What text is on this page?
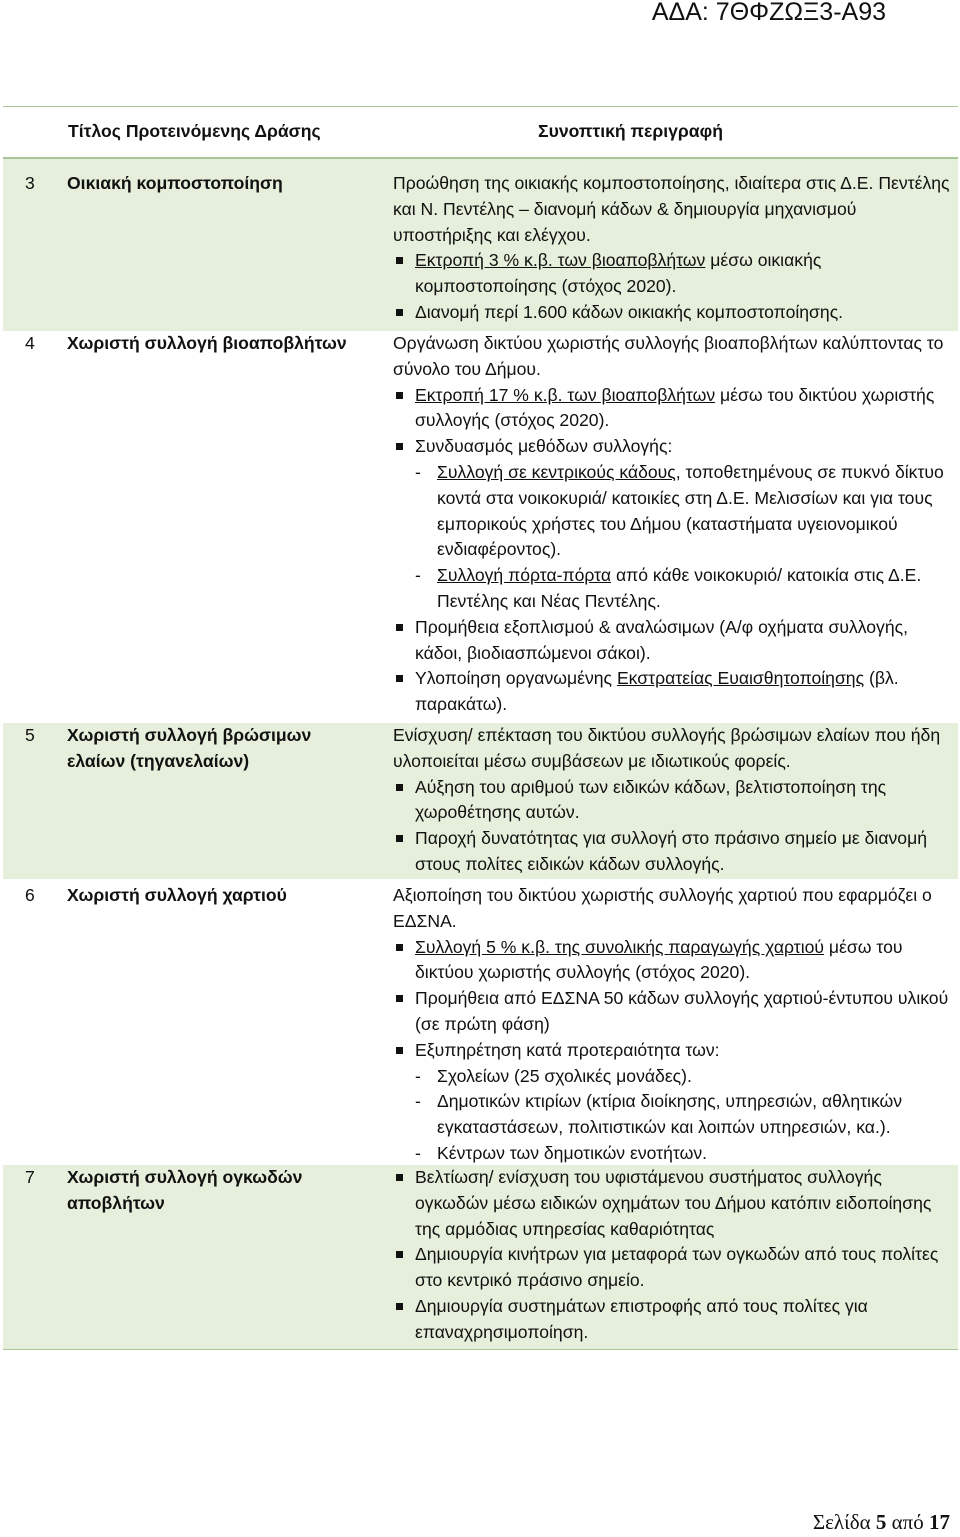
ΑΔΑ: 7ΘΦΖΩΞ3-Α93
Τίτλος Προτεινόμενης Δράσης	Συνοπτική περιγραφή
3	Οικιακή κομποστοποίηση	Προώθηση της οικιακής κομποστοποίησης, ιδιαίτερα στις Δ.Ε. Πεντέλης και Ν. Πεντέλης – διανομή κάδων & δημιουργία μηχανισμού υποστήριξης και ελέγχου.

Εκτροπή 3 % κ.β. των βιοαποβλήτων μέσω οικιακής κομποστοποίησης (στόχος 2020).

Διανομή περί 1.600 κάδων οικιακής κομποστοποίησης.

4	Χωριστή συλλογή βιοαποβλήτων	Οργάνωση δικτύου χωριστής συλλογής βιοαποβλήτων καλύπτοντας το σύνολο του Δήμου.

Εκτροπή 17 % κ.β. των βιοαποβλήτων μέσω του δικτύου χωριστής συλλογής (στόχος 2020).

Συνδυασμός μεθόδων συλλογής:

- Συλλογή σε κεντρικούς κάδους, τοποθετημένους σε πυκνό δίκτυο κοντά στα νοικοκυριά/ κατοικίες στη Δ.Ε. Μελισσίων και για τους εμπορικούς χρήστες του Δήμου (καταστήματα υγειονομικού ενδιαφέροντος).

- Συλλογή πόρτα-πόρτα από κάθε νοικοκυριό/ κατοικία στις Δ.Ε. Πεντέλης και Νέας Πεντέλης.

Προμήθεια εξοπλισμού & αναλώσιμων (Α/φ οχήματα συλλογής, κάδοι, βιοδιασπώμενοι σάκοι).

Υλοποίηση οργανωμένης Εκστρατείας Ευαισθητοποίησης (βλ. παρακάτω).

5	Χωριστή συλλογή βρώσιμων ελαίων (τηγανελαίων)

Ενίσχυση/ επέκταση του δικτύου συλλογής βρώσιμων ελαίων που ήδη υλοποιείται μέσω συμβάσεων με ιδιωτικούς φορείς.

Αύξηση του αριθμού των ειδικών κάδων, βελτιστοποίηση της χωροθέτησης αυτών.

Παροχή δυνατότητας για συλλογή στο πράσινο σημείο με διανομή στους πολίτες ειδικών κάδων συλλογής.

6	Χωριστή συλλογή χαρτιού	Αξιοποίηση του δικτύου χωριστής συλλογής χαρτιού που εφαρμόζει ο ΕΔΣΝΑ.

Συλλογή 5 % κ.β. της συνολικής παραγωγής χαρτιού μέσω του δικτύου χωριστής συλλογής (στόχος 2020).

Προμήθεια από ΕΔΣΝΑ 50 κάδων συλλογής χαρτιού-έντυπου υλικού (σε πρώτη φάση)

Εξυπηρέτηση κατά προτεραιότητα των:

- Σχολείων (25 σχολικές μονάδες).

- Δημοτικών κτιρίων (κτίρια διοίκησης, υπηρεσιών, αθλητικών εγκαταστάσεων, πολιτιστικών και λοιπών υπηρεσιών, κα.).

- Κέντρων των δημοτικών ενοτήτων.

7	Χωριστή συλλογή ογκωδών αποβλήτων

Βελτίωση/ ενίσχυση του υφιστάμενου συστήματος συλλογής ογκωδών μέσω ειδικών οχημάτων του Δήμου κατόπιν ειδοποίησης της αρμόδιας υπηρεσίας καθαριότητας

Δημιουργία κινήτρων για μεταφορά των ογκωδών από τους πολίτες στο κεντρικό πράσινο σημείο.

Δημιουργία συστημάτων επιστροφής από τους πολίτες για επαναχρησιμοποίηση.

Σελίδα 5 από 17
